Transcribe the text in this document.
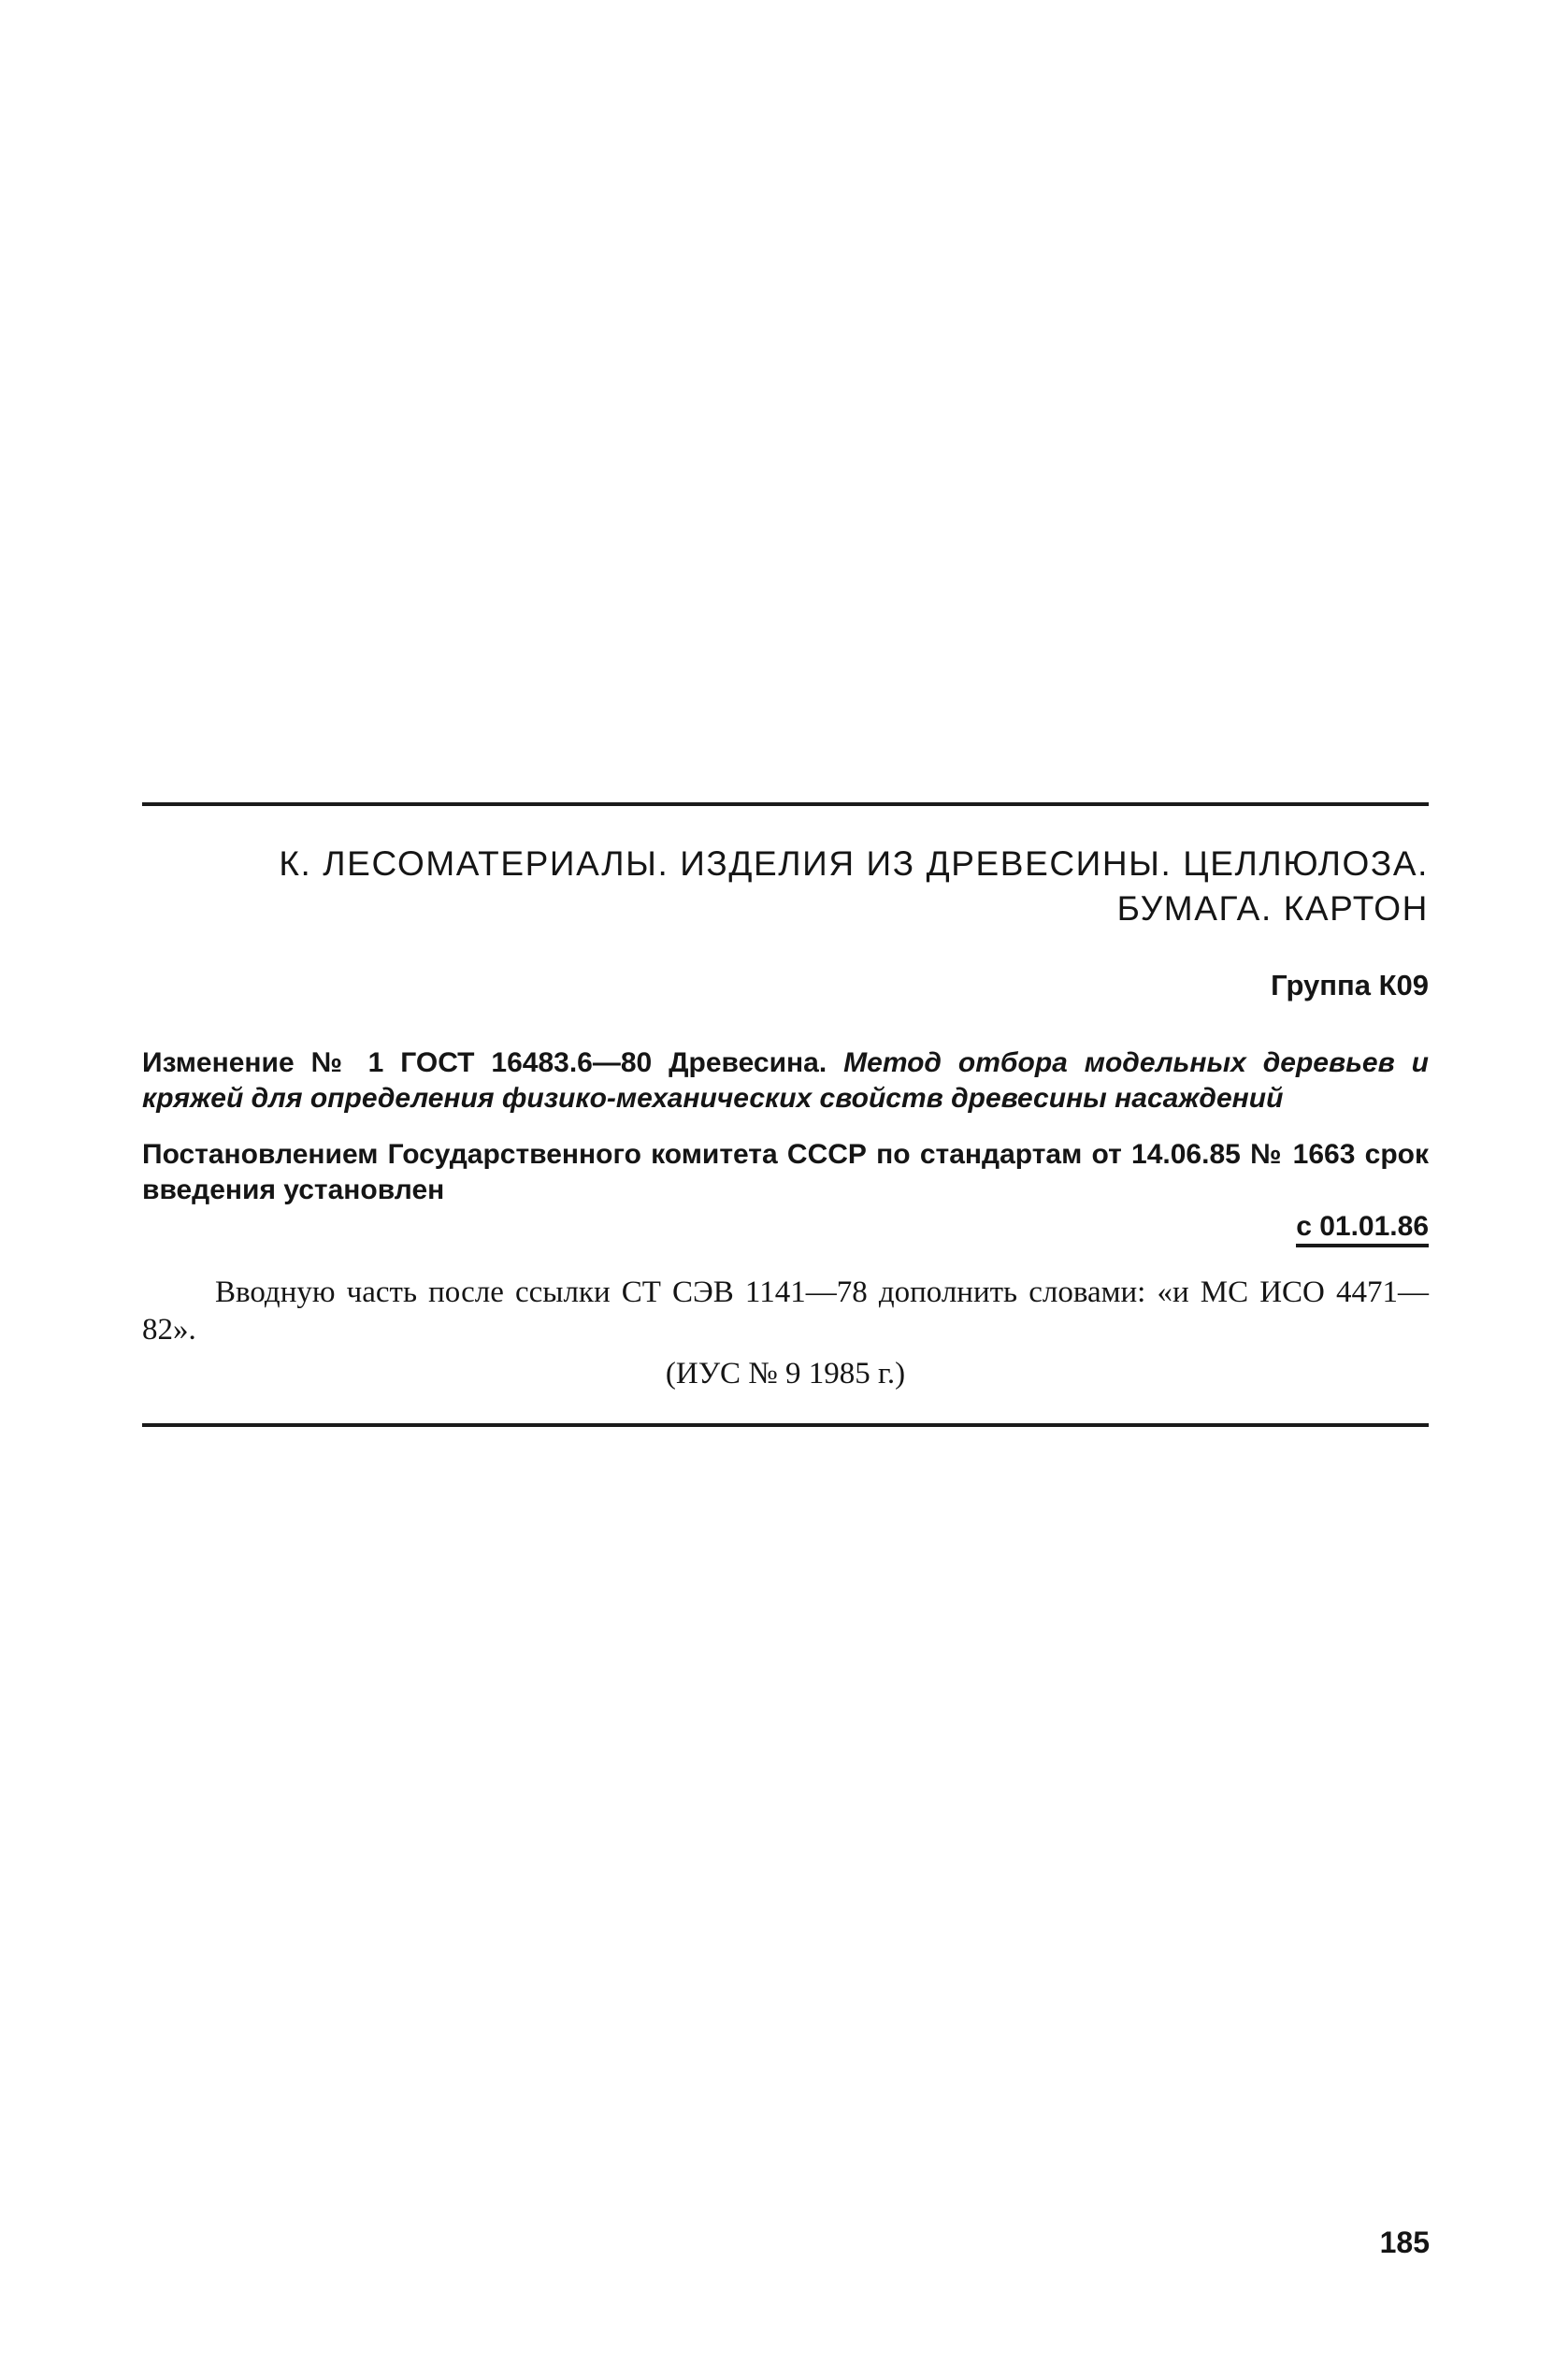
К. ЛЕСОМАТЕРИАЛЫ. ИЗДЕЛИЯ ИЗ ДРЕВЕСИНЫ. ЦЕЛЛЮЛОЗА.
БУМАГА. КАРТОН
Группа К09
Изменение № 1 ГОСТ 16483.6—80 Древесина. Метод отбора модельных деревьев и кряжей для определения физико-механических свойств древесины насаждений
Постановлением Государственного комитета СССР по стандартам от 14.06.85 № 1663 срок введения установлен
с 01.01.86
Вводную часть после ссылки СТ СЭВ 1141—78 дополнить словами: «и МС ИСО 4471—82».
(ИУС № 9 1985 г.)
185
